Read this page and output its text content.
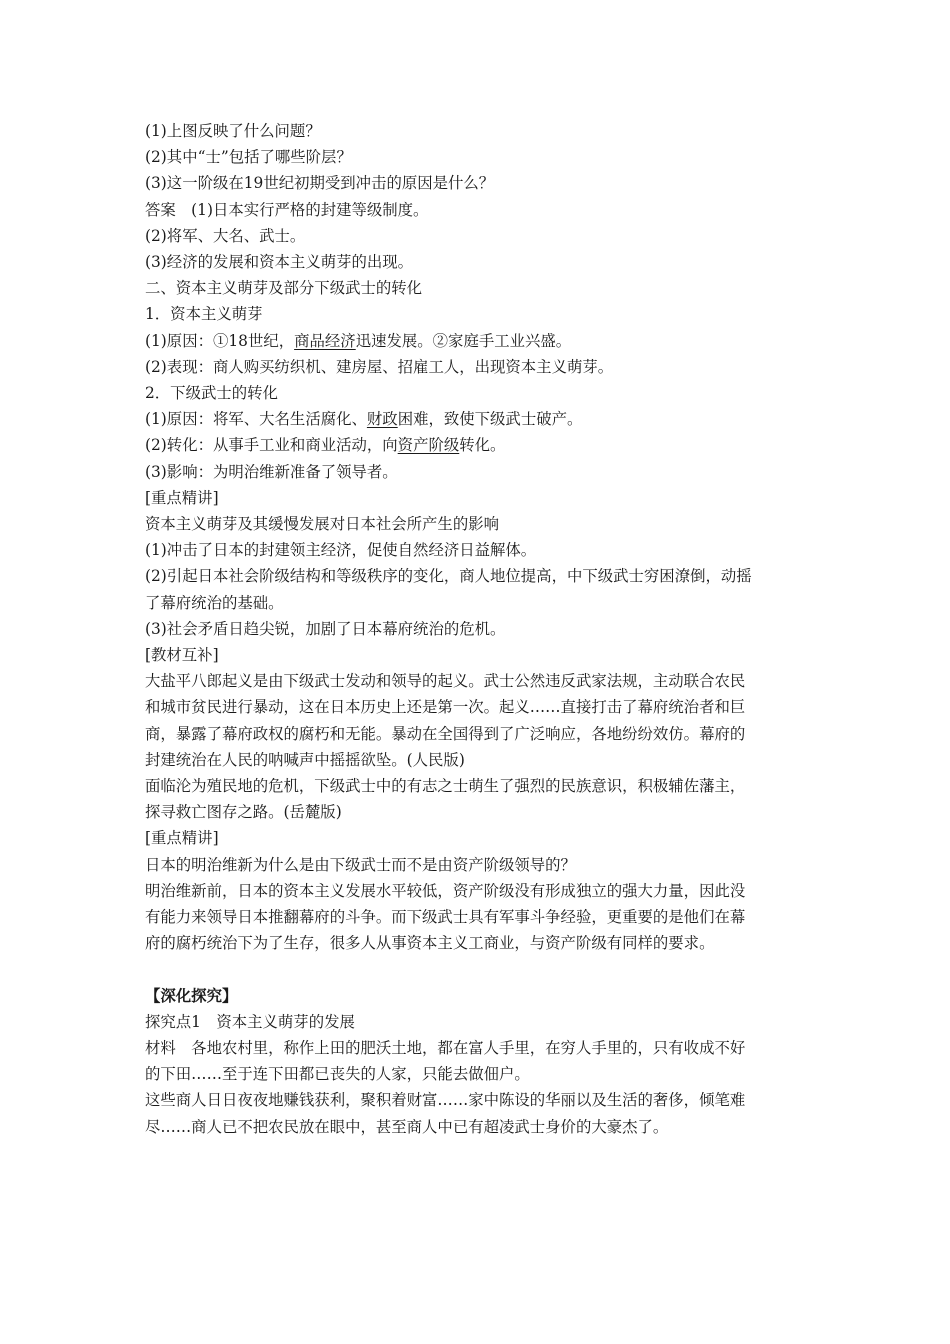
(1)上图反映了什么问题？

(2)其中“士”包括了哪些阶层？

(3)这一阶级在19世纪初期受到冲击的原因是什么？

答案　(1)日本实行严格的封建等级制度。

(2)将军、大名、武士。

(3)经济的发展和资本主义萌芽的出现。

二、资本主义萌芽及部分下级武士的转化

1．资本主义萌芽

(1)原因：①18世纪，商品经济迅速发展。②家庭手工业兴盛。

(2)表现：商人购买纺织机、建房屋、招雇工人，出现资本主义萌芽。

2．下级武士的转化

(1)原因：将军、大名生活腐化、财政困难，致使下级武士破产。

(2)转化：从事手工业和商业活动，向资产阶级转化。

(3)影响：为明治维新准备了领导者。

[重点精讲]

资本主义萌芽及其缓慢发展对日本社会所产生的影响

(1)冲击了日本的封建领主经济，促使自然经济日益解体。

(2)引起日本社会阶级结构和等级秩序的变化，商人地位提高，中下级武士穷困潦倒，动摇

了幕府统治的基础。

(3)社会矛盾日趋尖锐，加剧了日本幕府统治的危机。

[教材互补]

大盐平八郎起义是由下级武士发动和领导的起义。武士公然违反武家法规，主动联合农民

和城市贫民进行暴动，这在日本历史上还是第一次。起义……直接打击了幕府统治者和巨

商，暴露了幕府政权的腐朽和无能。暴动在全国得到了广泛响应，各地纷纷效仿。幕府的

封建统治在人民的呐喊声中摇摇欲坠。(人民版)

面临沦为殖民地的危机，下级武士中的有志之士萌生了强烈的民族意识，积极辅佐藩主，

探寻救亡图存之路。(岳麓版)

[重点精讲]

日本的明治维新为什么是由下级武士而不是由资产阶级领导的？

明治维新前，日本的资本主义发展水平较低，资产阶级没有形成独立的强大力量，因此没

有能力来领导日本推翻幕府的斗争。而下级武士具有军事斗争经验，更重要的是他们在幕

府的腐朽统治下为了生存，很多人从事资本主义工商业，与资产阶级有同样的要求。

【深化探究】

探究点1　资本主义萌芽的发展

材料　各地农村里，称作上田的肥沃土地，都在富人手里，在穷人手里的，只有收成不好

的下田……至于连下田都已丧失的人家，只能去做佃户。

这些商人日日夜夜地赚钱获利，聚积着财富……家中陈设的华丽以及生活的奢侈，倾笔难

尽……商人已不把农民放在眼中，甚至商人中已有超凌武士身价的大豪杰了。
